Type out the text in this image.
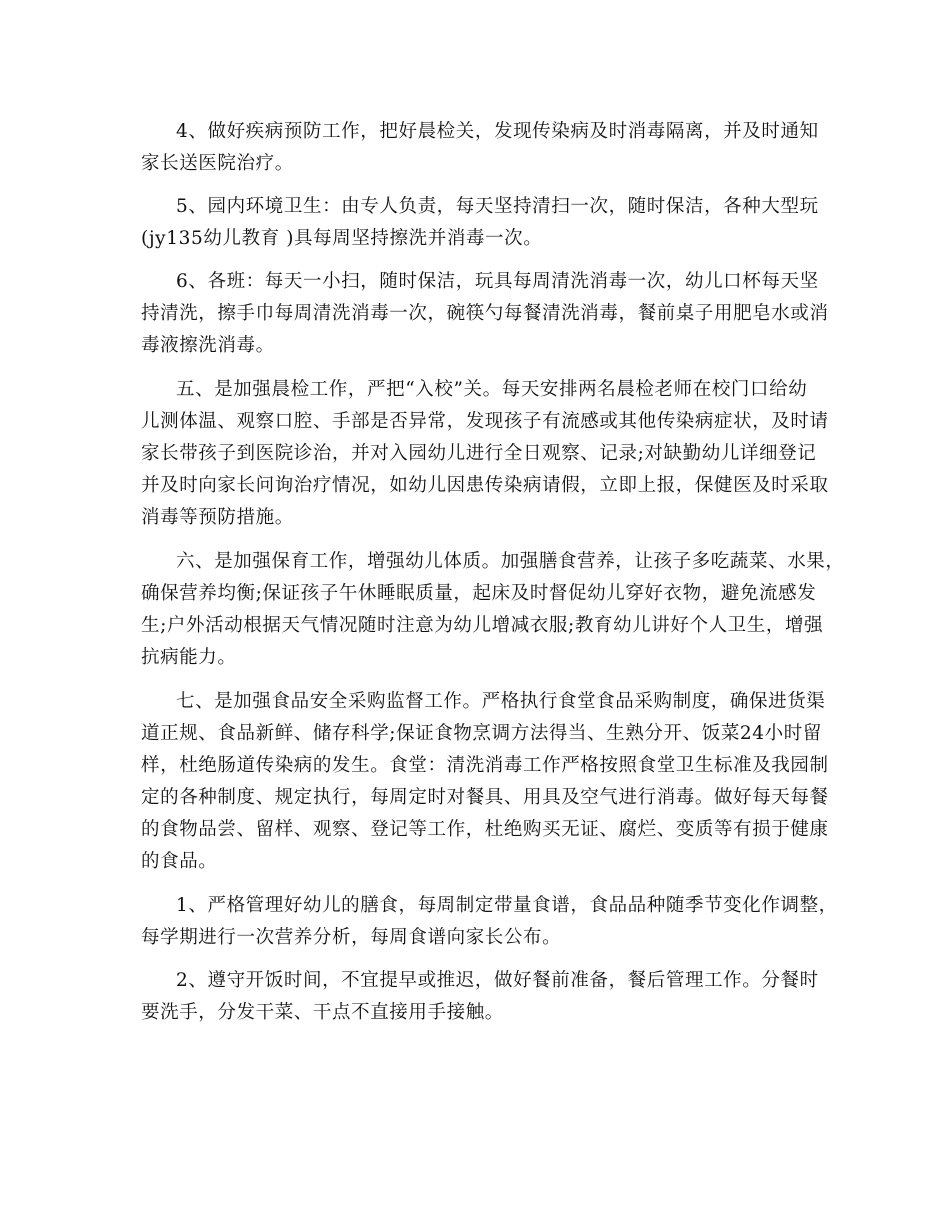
4、做好疾病预防工作，把好晨检关，发现传染病及时消毒隔离，并及时通知

家长送医院治疗。

5、园内环境卫生：由专人负责，每天坚持清扫一次，随时保洁，各种大型玩

(jy135幼儿教育 )具每周坚持擦洗并消毒一次。

6、各班：每天一小扫，随时保洁，玩具每周清洗消毒一次，幼儿口杯每天坚

持清洗，擦手巾每周清洗消毒一次，碗筷勺每餐清洗消毒，餐前桌子用肥皂水或消

毒液擦洗消毒。

五、是加强晨检工作，严把“入校”关。每天安排两名晨检老师在校门口给幼

儿测体温、观察口腔、手部是否异常，发现孩子有流感或其他传染病症状，及时请

家长带孩子到医院诊治，并对入园幼儿进行全日观察、记录;对缺勤幼儿详细登记

并及时向家长问询治疗情况，如幼儿因患传染病请假，立即上报，保健医及时采取

消毒等预防措施。

六、是加强保育工作，增强幼儿体质。加强膳食营养，让孩子多吃蔬菜、水果，

确保营养均衡;保证孩子午休睡眠质量，起床及时督促幼儿穿好衣物，避免流感发

生;户外活动根据天气情况随时注意为幼儿增减衣服;教育幼儿讲好个人卫生，增强

抗病能力。

七、是加强食品安全采购监督工作。严格执行食堂食品采购制度，确保进货渠

道正规、食品新鲜、储存科学;保证食物烹调方法得当、生熟分开、饭菜24小时留

样，杜绝肠道传染病的发生。食堂：清洗消毒工作严格按照食堂卫生标准及我园制

定的各种制度、规定执行，每周定时对餐具、用具及空气进行消毒。做好每天每餐

的食物品尝、留样、观察、登记等工作，杜绝购买无证、腐烂、变质等有损于健康

的食品。

1、严格管理好幼儿的膳食，每周制定带量食谱，食品品种随季节变化作调整，

每学期进行一次营养分析，每周食谱向家长公布。

2、遵守开饭时间，不宜提早或推迟，做好餐前准备，餐后管理工作。分餐时

要洗手，分发干菜、干点不直接用手接触。
